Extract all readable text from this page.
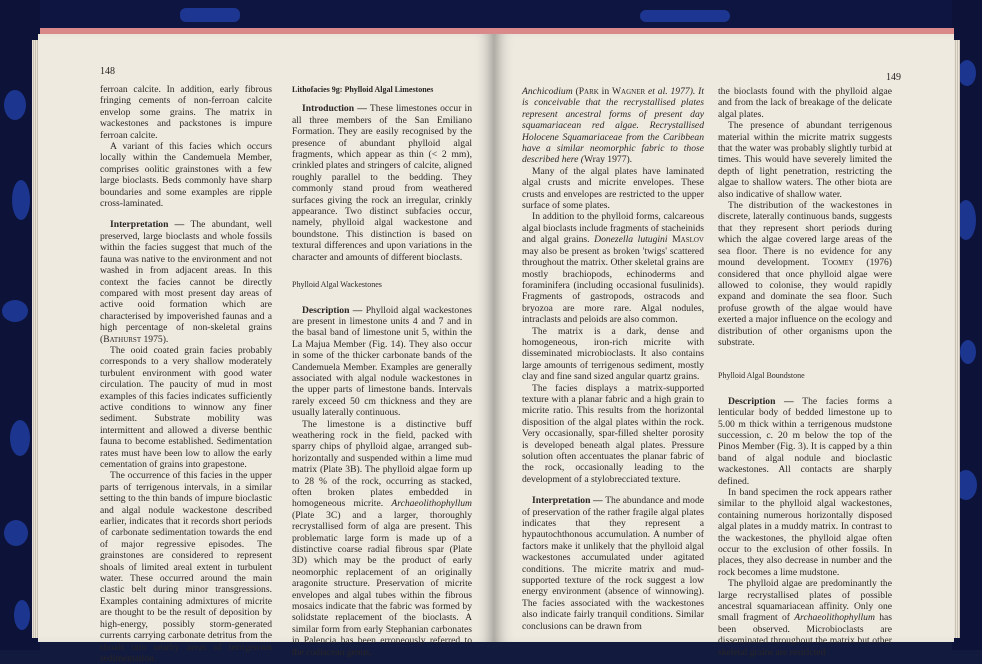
148

ferroan calcite. In addition, early fibrous fringing cements of non-ferroan calcite envelop some grains. The matrix in wackestones and packstones is impure ferroan calcite.

A variant of this facies which occurs locally within the Candemuela Member, comprises oolitic grainstones with a few large bioclasts. Beds commonly have sharp boundaries and some examples are ripple cross-laminated.

Interpretation — The abundant, well preserved, large bioclasts and whole fossils within the facies suggest that much of the fauna was native to the environment and not washed in from adjacent areas. In this context the facies cannot be directly compared with most present day areas of active ooid formation which are characterised by impoverished faunas and a high percentage of non-skeletal grains (Bathurst 1975).

The ooid coated grain facies probably corresponds to a very shallow moderately turbulent environment with good water circulation. The paucity of mud in most examples of this facies indicates sufficiently active conditions to winnow any finer sediment. Substrate mobility was intermittent and allowed a diverse benthic fauna to become established. Sedimentation rates must have been low to allow the early cementation of grains into grapestone.

The occurrence of this facies in the upper parts of terrigenous intervals, in a similar setting to the thin bands of impure bioclastic and algal nodule wackestone described earlier, indicates that it records short periods of carbonate sedimentation towards the end of major regressive episodes. The grainstones are considered to represent shoals of limited areal extent in turbulent water. These occurred around the main clastic belt during minor transgressions. Examples containing admixtures of micrite are thought to be the result of deposition by high-energy, possibly storm-generated currents carrying carbonate detritus from the shoals into nearby areas of terrigenous sedimentation.

Lithofacies 9g: Phylloid Algal Limestones

Introduction — These limestones occur in all three members of the San Emiliano Formation. They are easily recognised by the presence of abundant phylloid algal fragments, which appear as thin (< 2 mm), crinkled plates and stringers of calcite, aligned roughly parallel to the bedding. They commonly stand proud from weathered surfaces giving the rock an irregular, crinkly appearance. Two distinct subfacies occur, namely, phylloid algal wackestone and boundstone. This distinction is based on textural differences and upon variations in the character and amounts of different bioclasts.

Phylloid Algal Wackestones

Description — Phylloid algal wackestones are present in limestone units 4 and 7 and in the basal band of limestone unit 5, within the La Majua Member (Fig. 14). They also occur in some of the thicker carbonate bands of the Candemuela Member. Examples are generally associated with algal nodule wackestones in the upper parts of limestone bands. Intervals rarely exceed 50 cm thickness and they are usually laterally continuous.

The limestone is a distinctive buff weathering rock in the field, packed with sparry chips of phylloid algae, arranged sub-horizontally and suspended within a lime mud matrix (Plate 3B). The phylloid algae form up to 28 % of the rock, occurring as stacked, often broken plates embedded in homogeneous micrite. Archaeolithophyllum (Plate 3C) and a larger, thoroughly recrystallised form of alga are present. This problematic large form is made up of a distinctive coarse radial fibrous spar (Plate 3D) which may be the product of early neomorphic replacement of an originally aragonite structure. Preservation of micrite envelopes and algal tubes within the fibrous mosaics indicate that the fabric was formed by solidstate replacement of the bioclasts. A similar form from early Stephanian carbonates in Palencia has been erroneously referred to the codiacean genus,

149

Anchicodium (Park in Wagner et al. 1977). It is conceivable that the recrystallised plates represent ancestral forms of present day squamariacean red algae. Recrystallised Holocene Squamariaceae from the Caribbean have a similar neomorphic fabric to those described here (Wray 1977).

Many of the algal plates have laminated algal crusts and micrite envelopes. These crusts and envelopes are restricted to the upper surface of some plates.

In addition to the phylloid forms, calcareous algal bioclasts include fragments of stacheinids and algal grains. Donezella lutugini Maslov may also be present as broken 'twigs' scattered throughout the matrix. Other skeletal grains are mostly brachiopods, echinoderms and foraminifera (including occasional fusulinids). Fragments of gastropods, ostracods and bryozoa are more rare. Algal nodules, intraclasts and peloids are also common.

The matrix is a dark, dense and homogeneous, iron-rich micrite with disseminated microbioclasts. It also contains large amounts of terrigenous sediment, mostly clay and fine sand sized angular quartz grains.

The facies displays a matrix-supported texture with a planar fabric and a high grain to micrite ratio. This results from the horizontal disposition of the algal plates within the rock. Very occasionally, spar-filled shelter porosity is developed beneath algal plates. Pressure solution often accentuates the planar fabric of the rock, occasionally leading to the development of a stylobrecciated texture.

Interpretation — The abundance and mode of preservation of the rather fragile algal plates indicates that they represent a hypautochthonous accumulation. A number of factors make it unlikely that the phylloid algal wackestones accumulated under agitated conditions. The micrite matrix and mud-supported texture of the rock suggest a low energy environment (absence of winnowing). The facies associated with the wackestones also indicate fairly tranquil conditions. Similar conclusions can be drawn from

the bioclasts found with the phylloid algae and from the lack of breakage of the delicate algal plates.

The presence of abundant terrigenous material within the micrite matrix suggests that the water was probably slightly turbid at times. This would have severely limited the depth of light penetration, restricting the algae to shallow waters. The other biota are also indicative of shallow water.

The distribution of the wackestones in discrete, laterally continuous bands, suggests that they represent short periods during which the algae covered large areas of the sea floor. There is no evidence for any mound development. Toomey (1976) considered that once phylloid algae were allowed to colonise, they would rapidly expand and dominate the sea floor. Such profuse growth of the algae would have exerted a major influence on the ecology and distribution of other organisms upon the substrate.

Phylloid Algal Boundstone

Description — The facies forms a lenticular body of bedded limestone up to 5.00 m thick within a terrigenous mudstone succession, c. 20 m below the top of the Pinos Member (Fig. 3). It is capped by a thin band of algal nodule and bioclastic wackestones. All contacts are sharply defined.

In band specimen the rock appears rather similar to the phylloid algal wackestones, containing numerous horizontally disposed algal plates in a muddy matrix. In contrast to the wackestones, the phylloid algae often occur to the exclusion of other fossils. In places, they also decrease in number and the rock becomes a lime mudstone.

The phylloid algae are predominantly the large recrystallised plates of possible ancestral squamariacean affinity. Only one small fragment of Archaeolithophyllum has been observed. Microbioclasts are disseminated throughout the matrix but other skeletal grains are restricted
